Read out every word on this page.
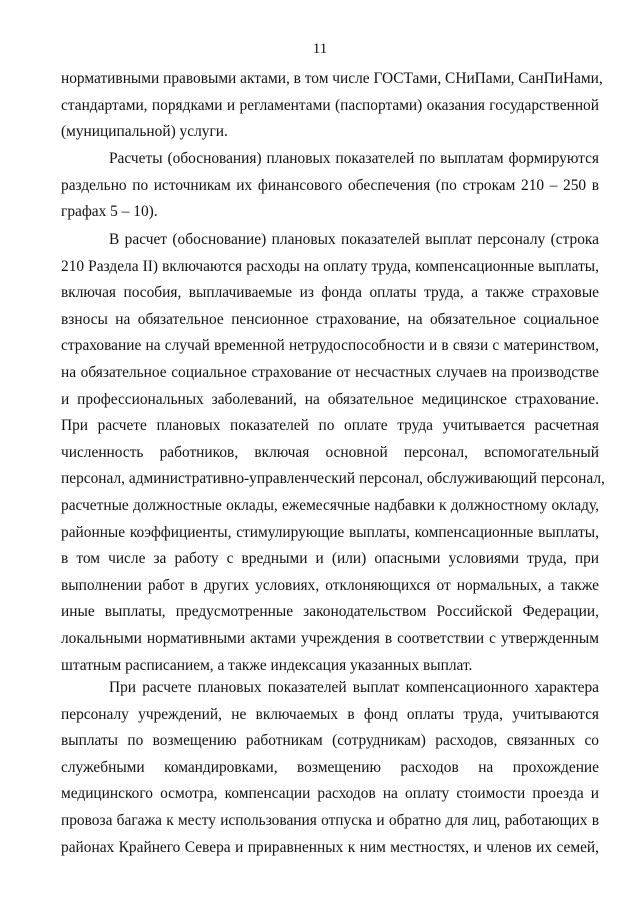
11
нормативными правовыми актами, в том числе ГОСТами, СНиПами, СанПиНами,
стандартами, порядками и регламентами (паспортами) оказания государственной
(муниципальной) услуги.
Расчеты (обоснования) плановых показателей по выплатам формируются
раздельно по источникам их финансового обеспечения (по строкам 210 – 250 в
графах 5 – 10).
В расчет (обоснование) плановых показателей выплат персоналу (строка
210 Раздела II) включаются расходы на оплату труда, компенсационные выплаты,
включая пособия, выплачиваемые из фонда оплаты труда, а также страховые
взносы на обязательное пенсионное страхование, на обязательное социальное
страхование на случай временной нетрудоспособности и в связи с материнством,
на обязательное социальное страхование от несчастных случаев на производстве
и профессиональных заболеваний, на обязательное медицинское страхование.
При расчете плановых показателей по оплате труда учитывается расчетная
численность работников, включая основной персонал, вспомогательный
персонал, административно-управленческий персонал, обслуживающий персонал,
расчетные должностные оклады, ежемесячные надбавки к должностному окладу,
районные коэффициенты, стимулирующие выплаты, компенсационные выплаты,
в том числе за работу с вредными и (или) опасными условиями труда, при
выполнении работ в других условиях, отклоняющихся от нормальных, а также
иные выплаты, предусмотренные законодательством Российской Федерации,
локальными нормативными актами учреждения в соответствии с утвержденным
штатным расписанием, а также индексация указанных выплат.
При расчете плановых показателей выплат компенсационного характера
персоналу учреждений, не включаемых в фонд оплаты труда, учитываются
выплаты по возмещению работникам (сотрудникам) расходов, связанных со
служебными командировками, возмещению расходов на прохождение
медицинского осмотра, компенсации расходов на оплату стоимости проезда и
провоза багажа к месту использования отпуска и обратно для лиц, работающих в
районах Крайнего Севера и приравненных к ним местностях, и членов их семей,
